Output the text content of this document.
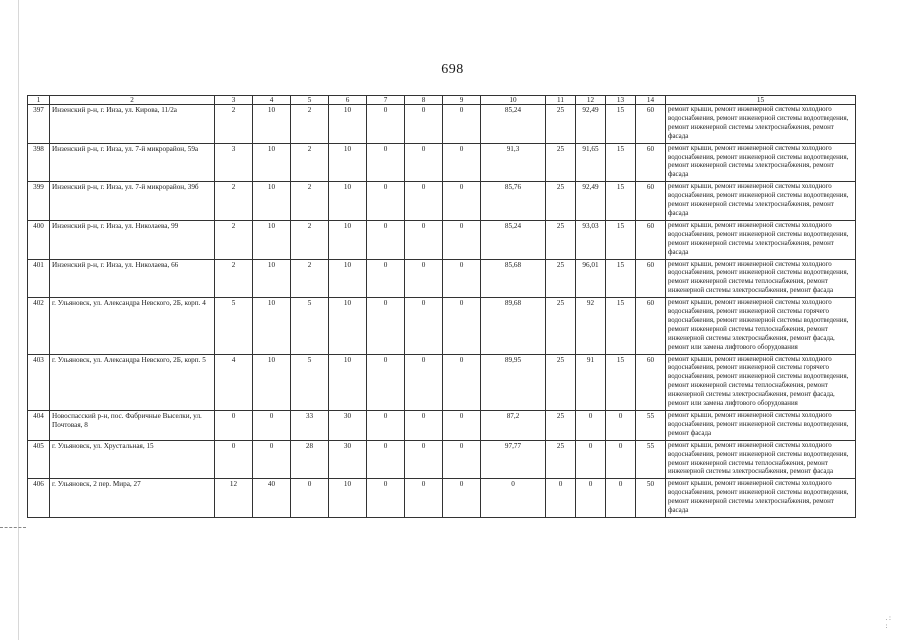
698
1	2	3	4	5	6	7	8	9	10	11	12	13	14	15
397	Инзенский р-н, г. Инза, ул. Кирова, 11/2а	2	10	2	10	0	0	0	85,24	25	92,49	15	60	ремонт крыши, ремонт инженерной системы холодного водоснабжения, ремонт инженерной системы водоотведения, ремонт инженерной системы электроснабжения, ремонт фасада
398	Инзенский р-н, г. Инза, ул. 7-й микрорайон, 59а	3	10	2	10	0	0	0	91,3	25	91,65	15	60	ремонт крыши, ремонт инженерной системы холодного водоснабжения, ремонт инженерной системы водоотведения, ремонт инженерной системы электроснабжения, ремонт фасада
399	Инзенский р-н, г. Инза, ул. 7-й микрорайон, 39б	2	10	2	10	0	0	0	85,76	25	92,49	15	60	ремонт крыши, ремонт инженерной системы холодного водоснабжения, ремонт инженерной системы водоотведения, ремонт инженерной системы электроснабжения, ремонт фасада
400	Инзенский р-н, г. Инза, ул. Николаева, 99	2	10	2	10	0	0	0	85,24	25	93,03	15	60	ремонт крыши, ремонт инженерной системы холодного водоснабжения, ремонт инженерной системы водоотведения, ремонт инженерной системы электроснабжения, ремонт фасада
401	Инзенский р-н, г. Инза, ул. Николаева, 66	2	10	2	10	0	0	0	85,68	25	96,01	15	60	ремонт крыши, ремонт инженерной системы холодного водоснабжения, ремонт инженерной системы водоотведения, ремонт инженерной системы теплоснабжения, ремонт инженерной системы электроснабжения, ремонт фасада
402	г. Ульяновск, ул. Александра Невского, 2Б, корп. 4	5	10	5	10	0	0	0	89,68	25	92	15	60	ремонт крыши, ремонт инженерной системы холодного водоснабжения, ремонт инженерной системы горячего водоснабжения, ремонт инженерной системы водоотведения, ремонт инженерной системы теплоснабжения, ремонт инженерной системы электроснабжения, ремонт фасада, ремонт или замена лифтового оборудования
403	г. Ульяновск, ул. Александра Невского, 2Б, корп. 5	4	10	5	10	0	0	0	89,95	25	91	15	60	ремонт крыши, ремонт инженерной системы холодного водоснабжения, ремонт инженерной системы горячего водоснабжения, ремонт инженерной системы водоотведения, ремонт инженерной системы теплоснабжения, ремонт инженерной системы электроснабжения, ремонт фасада, ремонт или замена лифтового оборудования
404	Новоспасский р-н, пос. Фабричные Выселки, ул. Почтовая, 8	0	0	33	30	0	0	0	87,2	25	0	0	55	ремонт крыши, ремонт инженерной системы холодного водоснабжения, ремонт инженерной системы водоотведения, ремонт фасада
405	г. Ульяновск, ул. Хрустальная, 15	0	0	28	30	0	0	0	97,77	25	0	0	55	ремонт крыши, ремонт инженерной системы холодного водоснабжения, ремонт инженерной системы водоотведения, ремонт инженерной системы теплоснабжения, ремонт инженерной системы электроснабжения, ремонт фасада
406	г. Ульяновск, 2 пер. Мира, 27	12	40	0	10	0	0	0	0	0	0	0	50	ремонт крыши, ремонт инженерной системы холодного водоснабжения, ремонт инженерной системы водоотведения, ремонт инженерной системы электроснабжения, ремонт фасада
. :
:
